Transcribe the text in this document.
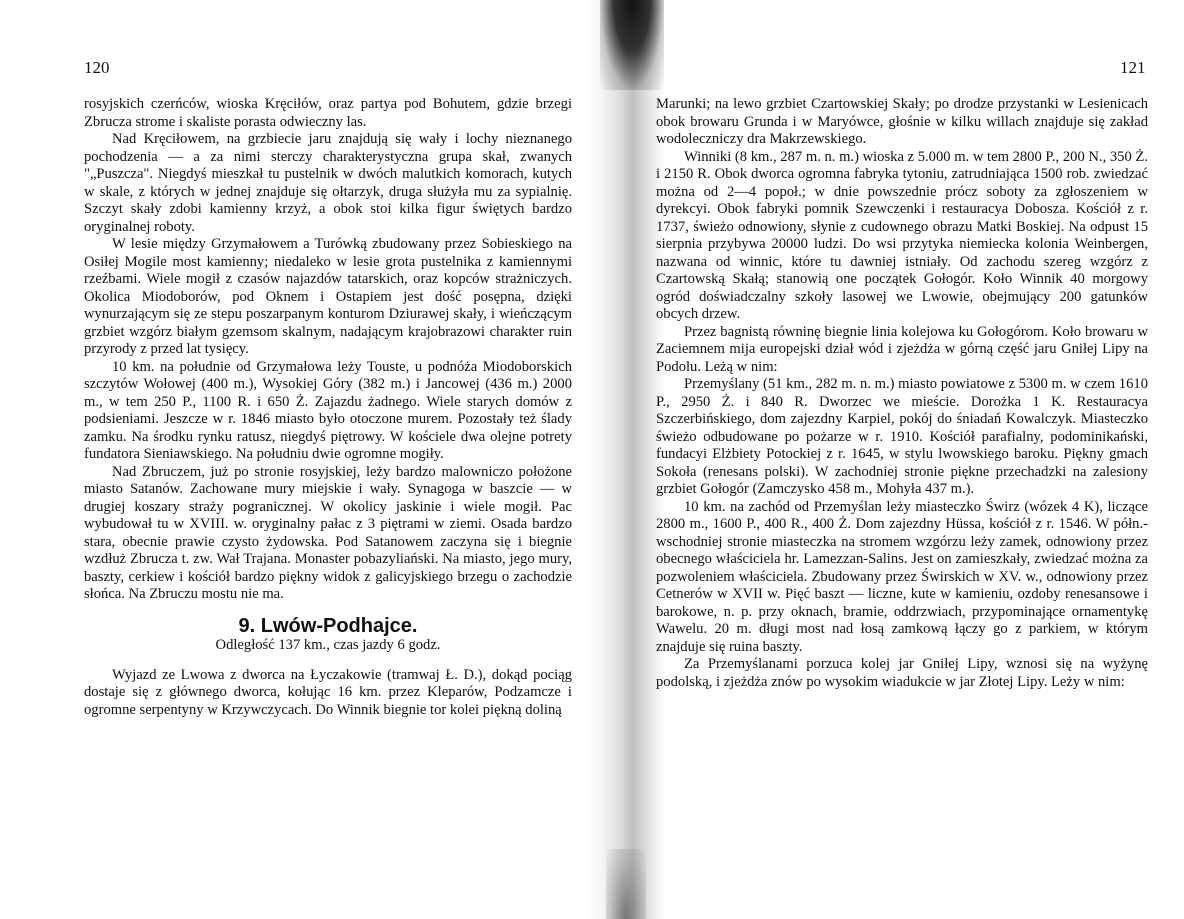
120

rosyjskich czerńców, wioska Kręciłów, oraz partya pod Bohutem, gdzie brzegi Zbrucza strome i skaliste porasta odwieczny las.

Nad Kręciłowem, na grzbiecie jaru znajdują się wały i lochy nieznanego pochodzenia — a za nimi sterczy charakterystyczna grupa skał, zwanych "„Puszcza". Niegdyś mieszkał tu pustelnik w dwóch malutkich komorach, kutych w skale, z których w jednej znajduje się ołtarzyk, druga służyła mu za sypialnię. Szczyt skały zdobi kamienny krzyż, a obok stoi kilka figur świętych bardzo oryginalnej roboty.

W lesie między Grzymałowem a Turówką zbudowany przez Sobieskiego na Osiłej Mogile most kamienny; niedaleko w lesie grota pustelnika z kamiennymi rzeźbami. Wiele mogił z czasów najazdów tatarskich, oraz kopców strażniczych. Okolica Miodoborów, pod Oknem i Ostapiem jest dość posępna, dzięki wynurzającym się ze stepu poszarpanym konturom Dziurawej skały, i wieńczącym grzbiet wzgórz białym gzemsom skalnym, nadającym krajobrazowi charakter ruin przyrody z przed lat tysięcy.

10 km. na południe od Grzymałowa leży Touste, u podnóża Miodoborskich szczytów Wołowej (400 m.), Wysokiej Góry (382 m.) i Jancowej (436 m.) 2000 m., w tem 250 P., 1100 R. i 650 Ż. Zajazdu żadnego. Wiele starych domów z podsieniami. Jeszcze w r. 1846 miasto było otoczone murem. Pozostały też ślady zamku. Na środku rynku ratusz, niegdyś piętrowy. W kościele dwa olejne potrety fundatora Sieniawskiego. Na południu dwie ogromne mogiły.

Nad Zbruczem, już po stronie rosyjskiej, leży bardzo malowniczo położone miasto Satanów. Zachowane mury miejskie i wały. Synagoga w baszcie — w drugiej koszary straży pogranicznej. W okolicy jaskinie i wiele mogił. Pac wybudował tu w XVIII. w. oryginalny pałac z 3 piętrami w ziemi. Osada bardzo stara, obecnie prawie czysto żydowska. Pod Satanowem zaczyna się i biegnie wzdłuż Zbrucza t. zw. Wał Trajana. Monaster pobazyliański. Na miasto, jego mury, baszty, cerkiew i kościół bardzo piękny widok z galicyjskiego brzegu o zachodzie słońca. Na Zbruczu mostu nie ma.

9. Lwów-Podhajce.

Odległość 137 km., czas jazdy 6 godz.

Wyjazd ze Lwowa z dworca na Łyczakowie (tramwaj Ł. D.), dokąd pociąg dostaje się z głównego dworca, kołując 16 km. przez Kleparów, Podzamcze i ogromne serpentyny w Krzywczycach. Do Winnik biegnie tor kolei piękną doliną

121

Marunki; na lewo grzbiet Czartowskiej Skały; po drodze przystanki w Lesienicach obok browaru Grunda i w Maryówce, głośnie w kilku willach znajduje się zakład wodoleczniczy dra Makrzewskiego.

Winniki (8 km., 287 m. n. m.) wioska z 5.000 m. w tem 2800 P., 200 N., 350 Ż. i 2150 R. Obok dworca ogromna fabryka tytoniu, zatrudniająca 1500 rob. zwiedzać można od 2—4 popoł.; w dnie powszednie prócz soboty za zgłoszeniem w dyrekcyi. Obok fabryki pomnik Szewczenki i restauracya Dobosza. Kościół z r. 1737, świeżo odnowiony, słynie z cudownego obrazu Matki Boskiej. Na odpust 15 sierpnia przybywa 20000 ludzi. Do wsi przytyka niemiecka kolonia Weinbergen, nazwana od winnic, które tu dawniej istniały. Od zachodu szereg wzgórz z Czartowską Skałą; stanowią one początek Gołogór. Koło Winnik 40 morgowy ogród doświadczalny szkoły lasowej we Lwowie, obejmujący 200 gatunków obcych drzew.

Przez bagnistą równinę biegnie linia kolejowa ku Gołogórom. Koło browaru w Zaciemnem mija europejski dział wód i zjeżdża w górną część jaru Gniłej Lipy na Podolu. Leżą w nim:

Przemyślany (51 km., 282 m. n. m.) miasto powiatowe z 5300 m. w czem 1610 P., 2950 Ż. i 840 R. Dworzec we mieście. Dorożka 1 K. Restauracya Szczerbińskiego, dom zajezdny Karpiel, pokój do śniadań Kowalczyk. Miasteczko świeżo odbudowane po pożarze w r. 1910. Kościół parafialny, podominikański, fundacyi Elżbiety Potockiej z r. 1645, w stylu lwowskiego baroku. Piękny gmach Sokoła (renesans polski). W zachodniej stronie piękne przechadzki na zalesiony grzbiet Gołogór (Zamczysko 458 m., Mohyła 437 m.).

10 km. na zachód od Przemyślan leży miasteczko Świrz (wózek 4 K), liczące 2800 m., 1600 P., 400 R., 400 Ż. Dom zajezdny Hüssa, kościół z r. 1546. W półn.-wschodniej stronie miasteczka na stromem wzgórzu leży zamek, odnowiony przez obecnego właściciela hr. Lamezzan-Salins. Jest on zamieszkały, zwiedzać można za pozwoleniem właściciela. Zbudowany przez Świrskich w XV. w., odnowiony przez Cetnerów w XVII w. Pięć baszt — liczne, kute w kamieniu, ozdoby renesansowe i barokowe, n. p. przy oknach, bramie, oddrzwiach, przypominające ornamentykę Wawelu. 20 m. długi most nad łosą zamkową łączy go z parkiem, w którym znajduje się ruina baszty.

Za Przemyślanami porzuca kolej jar Gniłej Lipy, wznosi się na wyżynę podolską, i zjeżdża znów po wysokim wiadukcie w jar Złotej Lipy. Leży w nim:
